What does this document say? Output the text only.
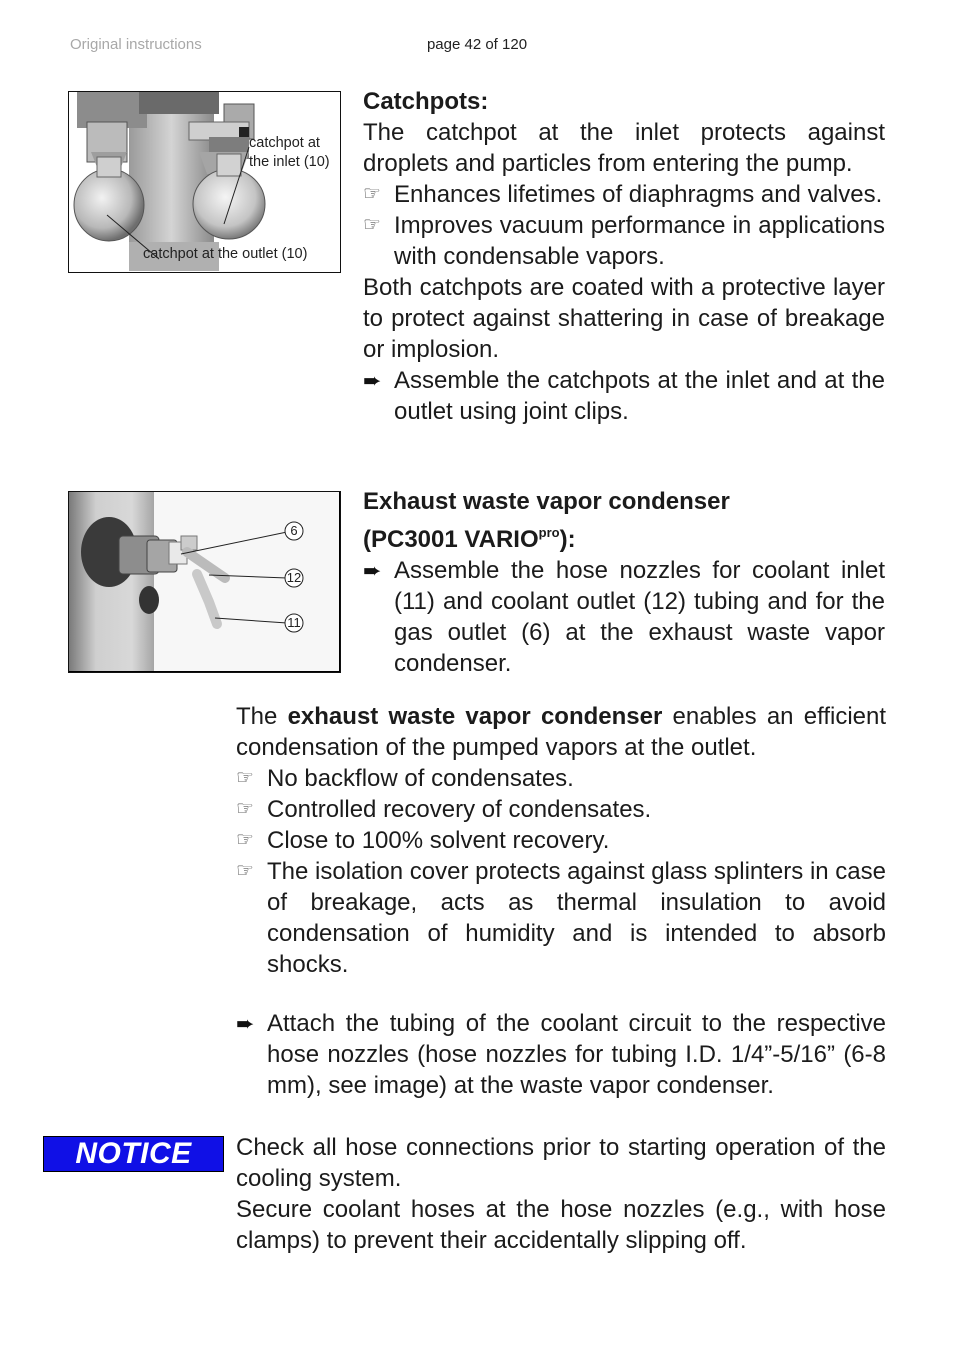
Original instructions	page 42 of 120
catchpot at
the inlet (10)
catchpot at the outlet (10)

Catchpots:

The catchpot at the inlet protects against droplets and particles from entering the pump.

☞ Enhances lifetimes of diaphragms and valves.
☞ Improves vacuum performance in applications with condensable vapors.

Both catchpots are coated with a protective layer to protect against shattering in case of breakage or implosion.

➨ Assemble the catchpots at the inlet and at the outlet using joint clips.
6
12
11

Exhaust waste vapor condenser

(PC3001 $VARIO^{pro}$):

➨ Assemble the hose nozzles for coolant inlet (11) and coolant outlet (12) tubing and for the gas outlet (6) at the exhaust waste vapor condenser.

The exhaust waste vapor condenser enables an efficient condensation of the pumped vapors at the outlet.

☞ No backflow of condensates.
☞ Controlled recovery of condensates.
☞ Close to 100% solvent recovery.
☞ The isolation cover protects against glass splinters in case of breakage, acts as thermal insulation to avoid condensation of humidity and is intended to absorb shocks.
➨ Attach the tubing of the coolant circuit to the respective hose nozzles (hose nozzles for tubing I.D. 1/4”-5/16” (6-8 mm), see image) at the waste vapor condenser.
NOTICE	Check all hose connections prior to starting operation of the cooling system.

Secure coolant hoses at the hose nozzles (e.g., with hose clamps) to prevent their accidentally slipping off.
